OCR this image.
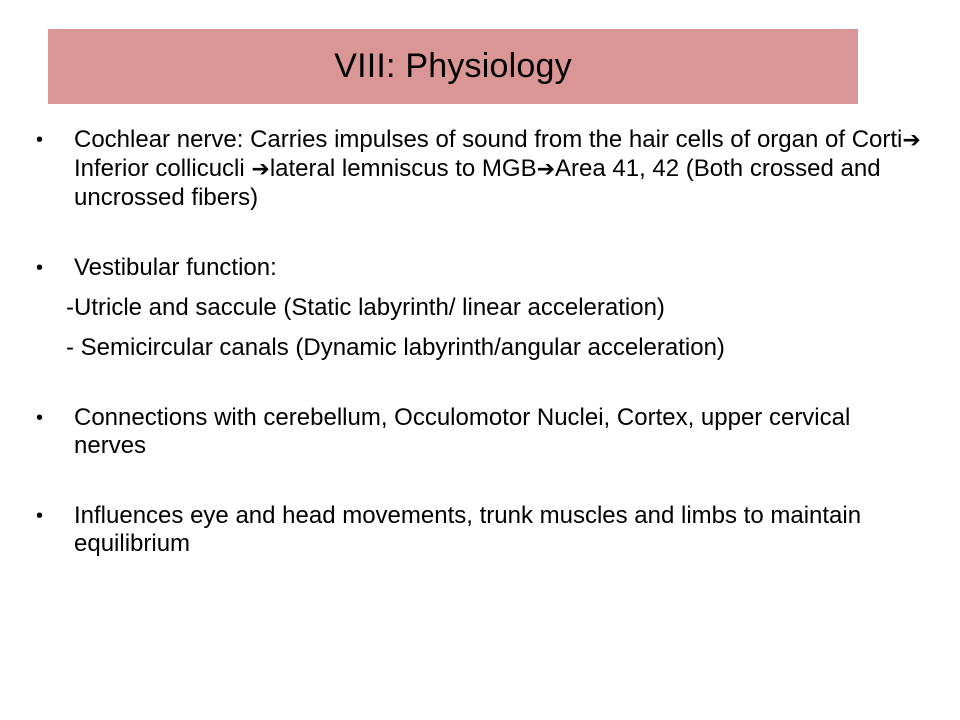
VIII: Physiology
•	Cochlear nerve: Carries impulses of sound from the hair cells of organ of Corti➔ Inferior collicucli ➔lateral lemniscus to MGB➔Area 41, 42 (Both crossed and uncrossed fibers)
•	Vestibular function:
-Utricle and saccule (Static labyrinth/ linear acceleration)
- Semicircular canals (Dynamic labyrinth/angular acceleration)
•	Connections with cerebellum, Occulomotor Nuclei, Cortex, upper cervical nerves
•	Influences eye and head movements, trunk muscles and limbs to maintain equilibrium
